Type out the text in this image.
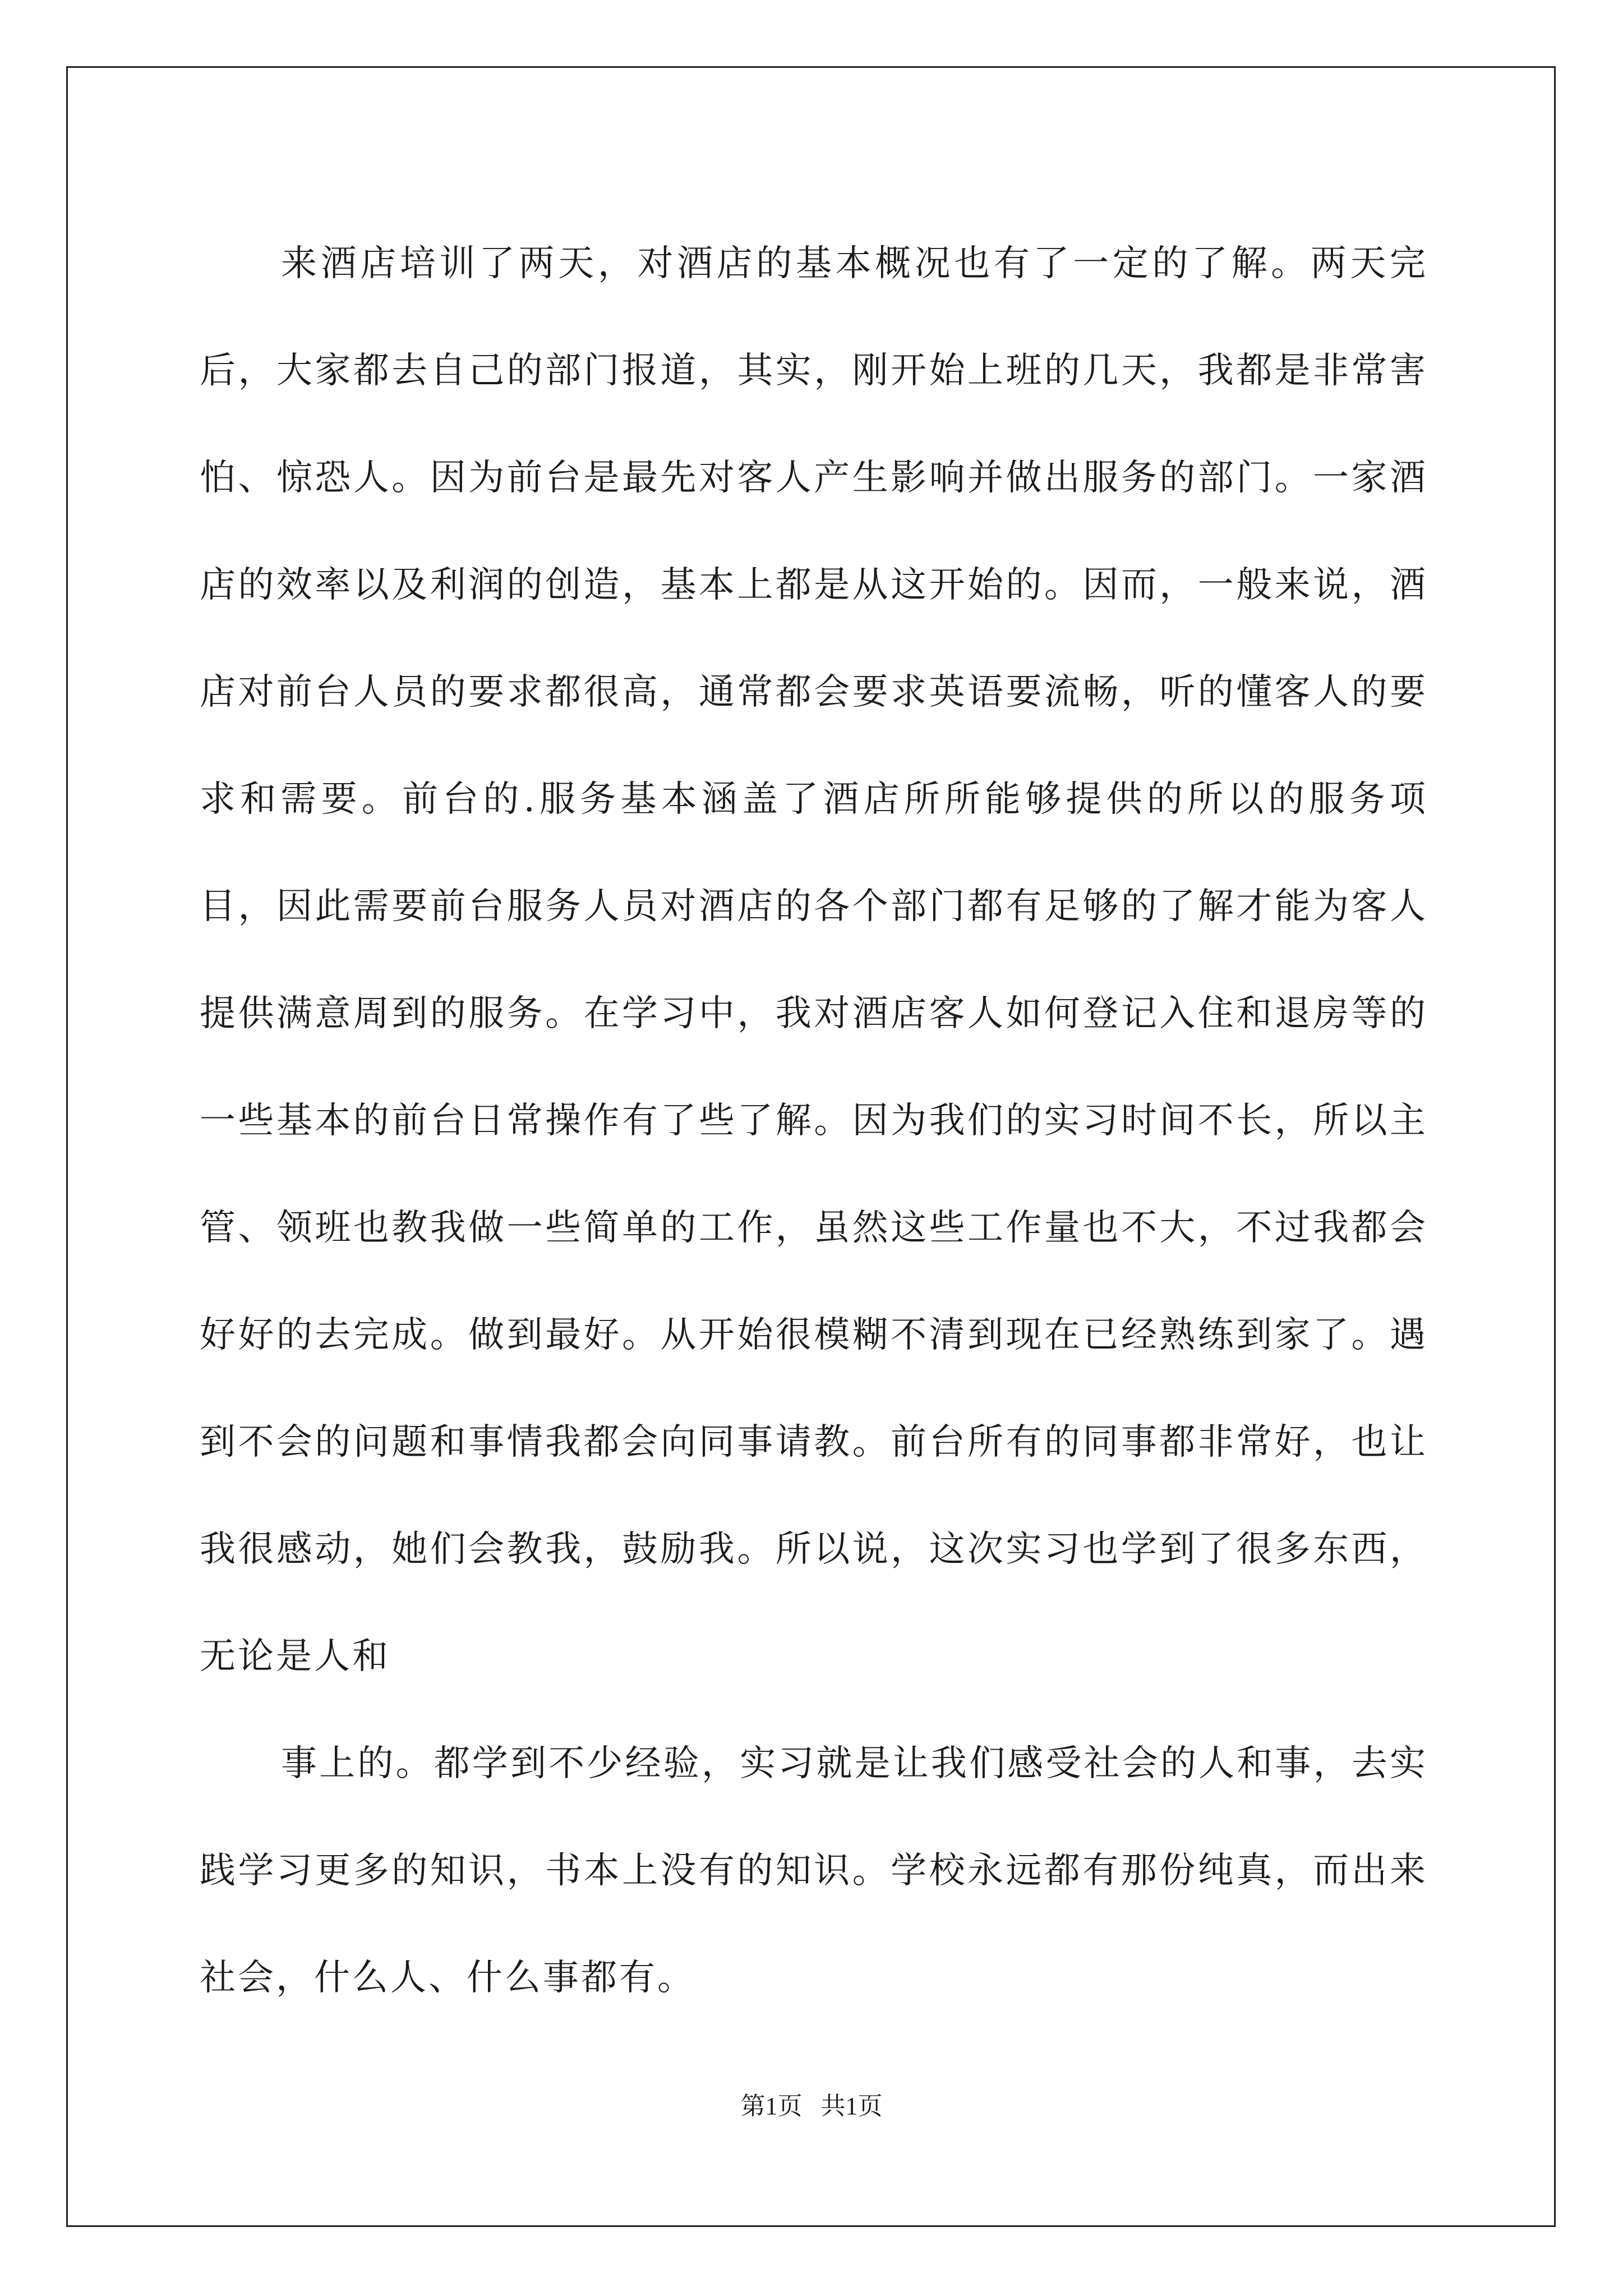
来酒店培训了两天，对酒店的基本概况也有了一定的了解。两天完后，大家都去自己的部门报道，其实，刚开始上班的几天，我都是非常害怕、惊恐人。因为前台是最先对客人产生影响并做出服务的部门。一家酒店的效率以及利润的创造，基本上都是从这开始的。因而，一般来说，酒店对前台人员的要求都很高，通常都会要求英语要流畅，听的懂客人的要求和需要。前台的.服务基本涵盖了酒店所所能够提供的所以的服务项目，因此需要前台服务人员对酒店的各个部门都有足够的了解才能为客人提供满意周到的服务。在学习中，我对酒店客人如何登记入住和退房等的一些基本的前台日常操作有了些了解。因为我们的实习时间不长，所以主管、领班也教我做一些简单的工作，虽然这些工作量也不大，不过我都会好好的去完成。做到最好。从开始很模糊不清到现在已经熟练到家了。遇到不会的问题和事情我都会向同事请教。前台所有的同事都非常好，也让我很感动，她们会教我，鼓励我。所以说，这次实习也学到了很多东西，无论是人和

事上的。都学到不少经验，实习就是让我们感受社会的人和事，去实践学习更多的知识，书本上没有的知识。学校永远都有那份纯真，而出来社会，什么人、什么事都有。

第1页   共1页
